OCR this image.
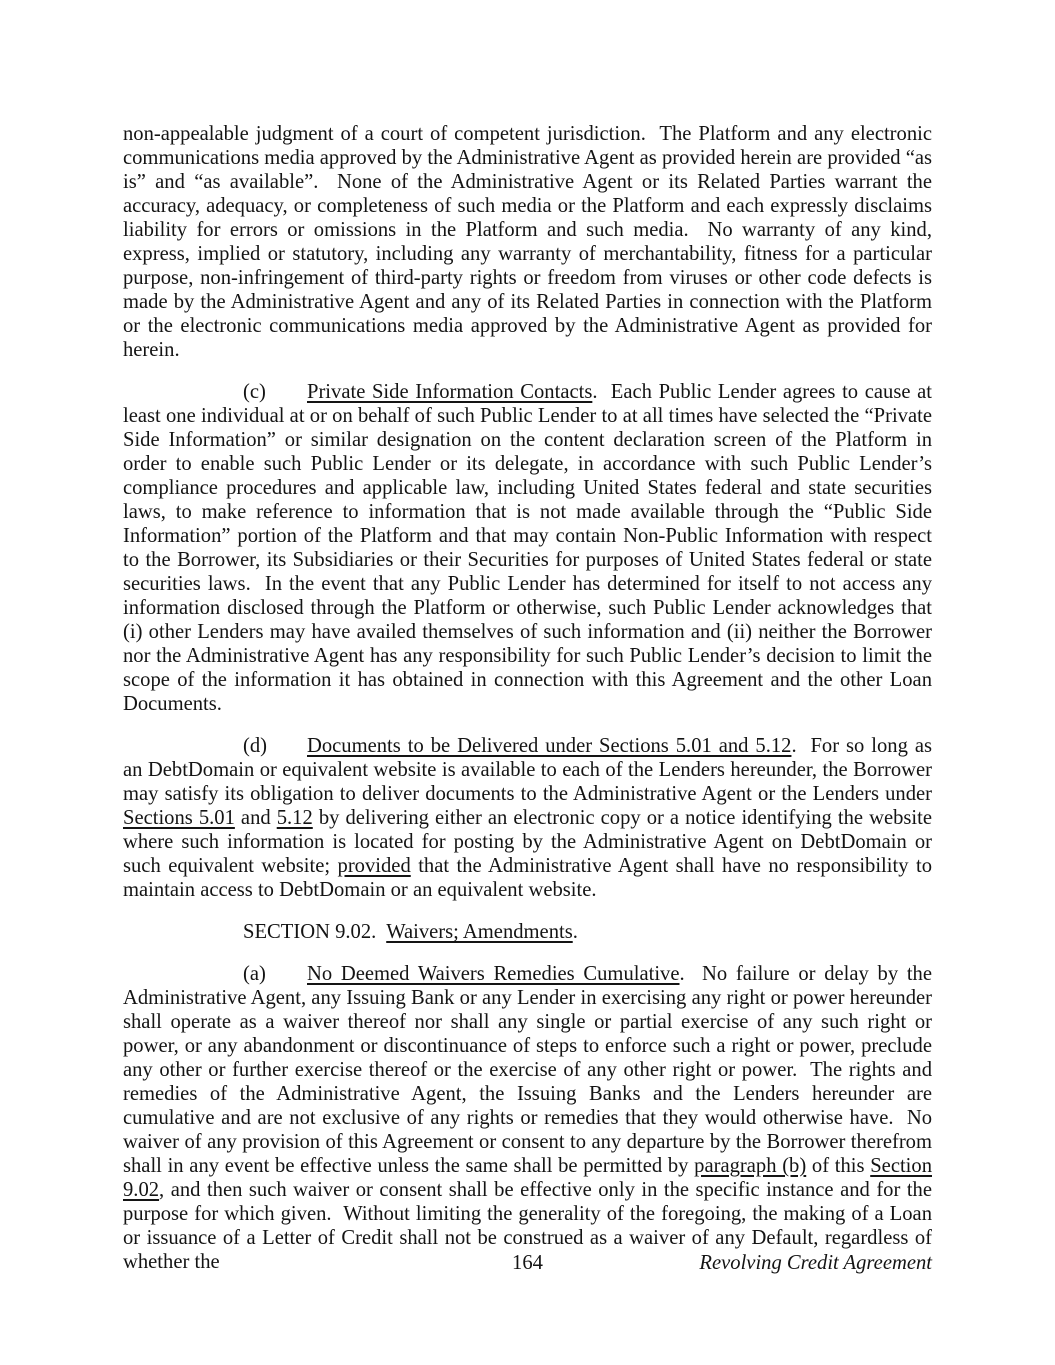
non-appealable judgment of a court of competent jurisdiction.  The Platform and any electronic communications media approved by the Administrative Agent as provided herein are provided “as is” and “as available”.  None of the Administrative Agent or its Related Parties warrant the accuracy, adequacy, or completeness of such media or the Platform and each expressly disclaims liability for errors or omissions in the Platform and such media.  No warranty of any kind, express, implied or statutory, including any warranty of merchantability, fitness for a particular purpose, non-infringement of third-party rights or freedom from viruses or other code defects is made by the Administrative Agent and any of its Related Parties in connection with the Platform or the electronic communications media approved by the Administrative Agent as provided for herein.

(c) Private Side Information Contacts.  Each Public Lender agrees to cause at least one individual at or on behalf of such Public Lender to at all times have selected the “Private Side Information” or similar designation on the content declaration screen of the Platform in order to enable such Public Lender or its delegate, in accordance with such Public Lender’s compliance procedures and applicable law, including United States federal and state securities laws, to make reference to information that is not made available through the “Public Side Information” portion of the Platform and that may contain Non-Public Information with respect to the Borrower, its Subsidiaries or their Securities for purposes of United States federal or state securities laws.  In the event that any Public Lender has determined for itself to not access any information disclosed through the Platform or otherwise, such Public Lender acknowledges that (i) other Lenders may have availed themselves of such information and (ii) neither the Borrower nor the Administrative Agent has any responsibility for such Public Lender’s decision to limit the scope of the information it has obtained in connection with this Agreement and the other Loan Documents.

(d) Documents to be Delivered under Sections 5.01 and 5.12.  For so long as an DebtDomain or equivalent website is available to each of the Lenders hereunder, the Borrower may satisfy its obligation to deliver documents to the Administrative Agent or the Lenders under Sections 5.01 and 5.12 by delivering either an electronic copy or a notice identifying the website where such information is located for posting by the Administrative Agent on DebtDomain or such equivalent website; provided that the Administrative Agent shall have no responsibility to maintain access to DebtDomain or an equivalent website.

SECTION 9.02.  Waivers; Amendments.

(a) No Deemed Waivers Remedies Cumulative.  No failure or delay by the Administrative Agent, any Issuing Bank or any Lender in exercising any right or power hereunder shall operate as a waiver thereof nor shall any single or partial exercise of any such right or power, or any abandonment or discontinuance of steps to enforce such a right or power, preclude any other or further exercise thereof or the exercise of any other right or power.  The rights and remedies of the Administrative Agent, the Issuing Banks and the Lenders hereunder are cumulative and are not exclusive of any rights or remedies that they would otherwise have.  No waiver of any provision of this Agreement or consent to any departure by the Borrower therefrom shall in any event be effective unless the same shall be permitted by paragraph (b) of this Section 9.02, and then such waiver or consent shall be effective only in the specific instance and for the purpose for which given.  Without limiting the generality of the foregoing, the making of a Loan or issuance of a Letter of Credit shall not be construed as a waiver of any Default, regardless of whether the	164	Revolving Credit Agreement
